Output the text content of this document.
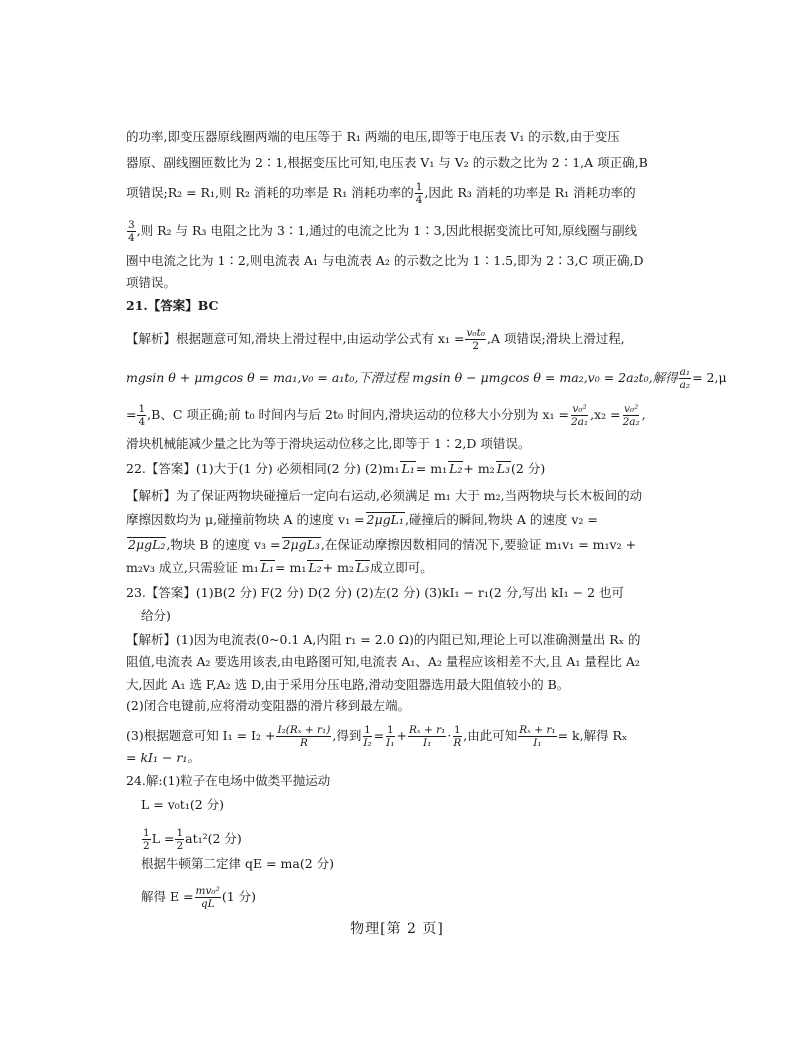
的功率,即变压器原线圈两端的电压等于 R₁ 两端的电压,即等于电压表 V₁ 的示数,由于变压
器原、副线圈匝数比为 2∶1,根据变压比可知,电压表 V₁ 与 V₂ 的示数之比为 2∶1,A 项正确,B
项错误;R₂ = R₁,则 R₂ 消耗的功率是 R₁ 消耗功率的 $\frac{1}{4}$ ,因此 R₃ 消耗的功率是 R₁ 消耗功率的
$\frac{3}{4}$ ,则 R₂ 与 R₃ 电阻之比为 3∶1,通过的电流之比为 1∶3,因此根据变流比可知,原线圈与副线
圈中电流之比为 1∶2,则电流表 A₁ 与电流表 A₂ 的示数之比为 1∶1.5,即为 2∶3,C 项正确,D
项错误。
21.【答案】BC
【解析】根据题意可知,滑块上滑过程中,由运动学公式有 $x_1 = \frac{\text{v₀t₀}}{2} ,A$ 项错误;滑块上滑过程,
mgsin θ + μmgcos θ = ma₁,v₀ = a₁t₀,下滑过程 mgsin θ − μmgcos θ = ma₂,v₀ = 2a₂t₀,解得 $\frac{\text{a₁}}{\text{a₂}} = 2,\mu$
= $\frac{1}{4} ,B$、C 项正确;前 t₀ 时间内与后 2t₀ 时间内,滑块运动的位移大小分别为 $x_1 = \frac{\text{v₀²}}{\text{2a₁}} ,x_2 = \frac{\text{v₀²}}{\text{2a₂}}$ ,
滑块机械能减少量之比为等于滑块运动位移之比,即等于 1∶2,D 项错误。
22.【答案】(1)大于(1 分) 必须相同(2 分) (2)m₁ L₁= m₁ L₂+ m₂ L₃(2 分)
【解析】为了保证两物块碰撞后一定向右运动,必须满足 m₁ 大于 m₂,当两物块与长木板间的动
摩擦因数均为 μ,碰撞前物块 A 的速度 v₁ = 2μgL₁,碰撞后的瞬间,物块 A 的速度 v₂ =
2μgL₂,物块 B 的速度 v₃ = 2μgL₃,在保证动摩擦因数相同的情况下,要验证 m₁v₁ = m₁v₂ +
m₂v₃ 成立,只需验证 m₁ L₁= m₁ L₂+ m₂ L₃成立即可。
23.【答案】(1)B(2 分) F(2 分) D(2 分) (2)左(2 分) (3)kI₁ − r₁(2 分,写出 kI₁ − 2 也可
给分)
【解析】(1)因为电流表(0~0.1 A,内阻 r₁ = 2.0 Ω)的内阻已知,理论上可以准确测量出 Rₓ 的
阻值,电流表 A₂ 要选用该表,由电路图可知,电流表 A₁、A₂ 量程应该相差不大,且 A₁ 量程比 A₂
大,因此 A₁ 选 F,A₂ 选 D,由于采用分压电路,滑动变阻器选用最大阻值较小的 B。
(2)闭合电键前,应将滑动变阻器的滑片移到最左端。
(3)根据题意可知 $I_1 = I_2 + \frac{\text{I₂(Rₓ + r₁)}}{R}$ ,得到 $\frac{1}{\text{I₂}} = \frac{1}{\text{I₁}} + \frac{\text{Rₓ + r₁}}{\text{I₁}} \cdot \frac{1}{R}$ ,由此可知 $\frac{\text{Rₓ + r₁}}{\text{I₁}} = k$,解得 Rₓ
= kI₁ − r₁。
24.解:(1)粒子在电场中做类平抛运动
L = v₀t₁(2 分)
$\frac{1}{2}$ $L = \frac{1}{2} at_1^2(2$ 分)
根据牛顿第二定律 qE = ma(2 分)
解得 $E = \frac{\text{mv₀²}}{qL} (1$ 分)
物理[第 2 页]
